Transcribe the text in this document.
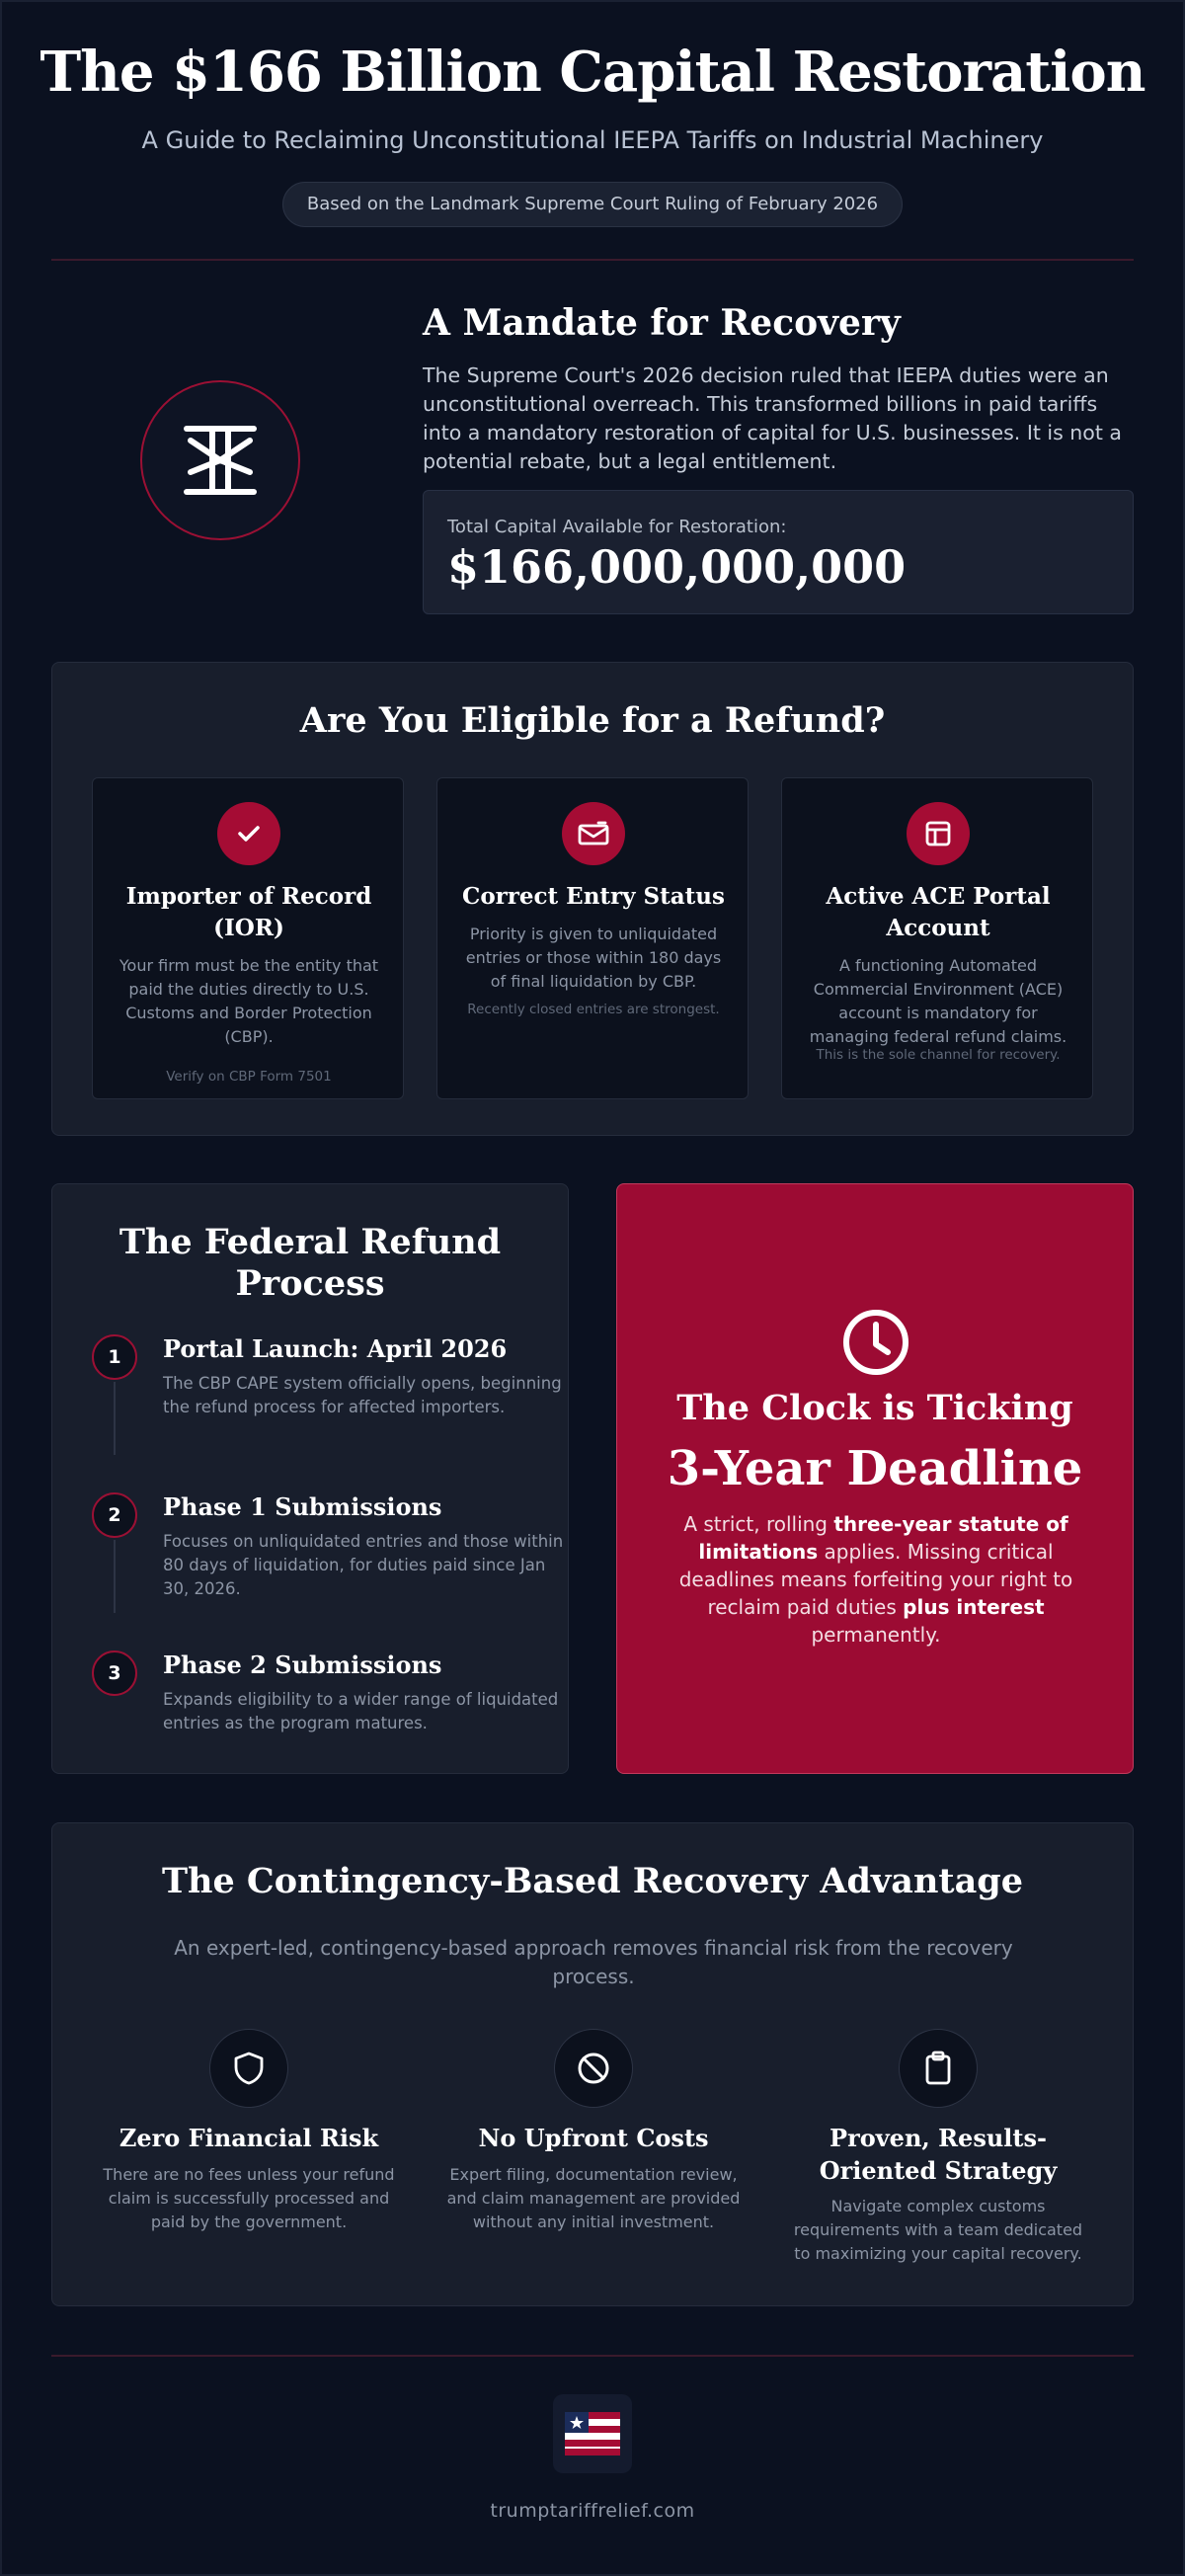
The $166 Billion Capital Restoration

A Guide to Reclaiming Unconstitutional IEEPA Tariffs on Industrial Machinery

Based on the Landmark Supreme Court Ruling of February 2026
A Mandate for Recovery

The Supreme Court's 2026 decision ruled that IEEPA duties were an unconstitutional overreach. This transformed billions in paid tariffs into a mandatory restoration of capital for U.S. businesses. It is not a potential rebate, but a legal entitlement.

Total Capital Available for Restoration:
$166,000,000,000
Are You Eligible for a Refund?
Importer of Record (IOR)

Your firm must be the entity that paid the duties directly to U.S. Customs and Border Protection (CBP).

Verify on CBP Form 7501

Correct Entry Status

Priority is given to unliquidated entries or those within 180 days of final liquidation by CBP.

Recently closed entries are strongest.

Active ACE Portal Account

A functioning Automated Commercial Environment (ACE) account is mandatory for managing federal refund claims.

This is the sole channel for recovery.

The Federal Refund Process
1	Portal Launch: April 2026

The CBP CAPE system officially opens, beginning the refund process for affected importers.

2	Phase 1 Submissions

Focuses on unliquidated entries and those within 80 days of liquidation, for duties paid since Jan 30, 2026.

3	Phase 2 Submissions

Expands eligibility to a wider range of liquidated entries as the program matures.

The Clock is Ticking
3-Year Deadline

A strict, rolling three-year statute of limitations applies. Missing critical deadlines means forfeiting your right to reclaim paid duties plus interest permanently.

The Contingency-Based Recovery Advantage

An expert-led, contingency-based approach removes financial risk from the recovery process.

Zero Financial Risk

There are no fees unless your refund claim is successfully processed and paid by the government.

No Upfront Costs

Expert filing, documentation review, and claim management are provided without any initial investment.

Proven, Results-Oriented Strategy

Navigate complex customs requirements with a team dedicated to maximizing your capital recovery.

trumptariffrelief.com
